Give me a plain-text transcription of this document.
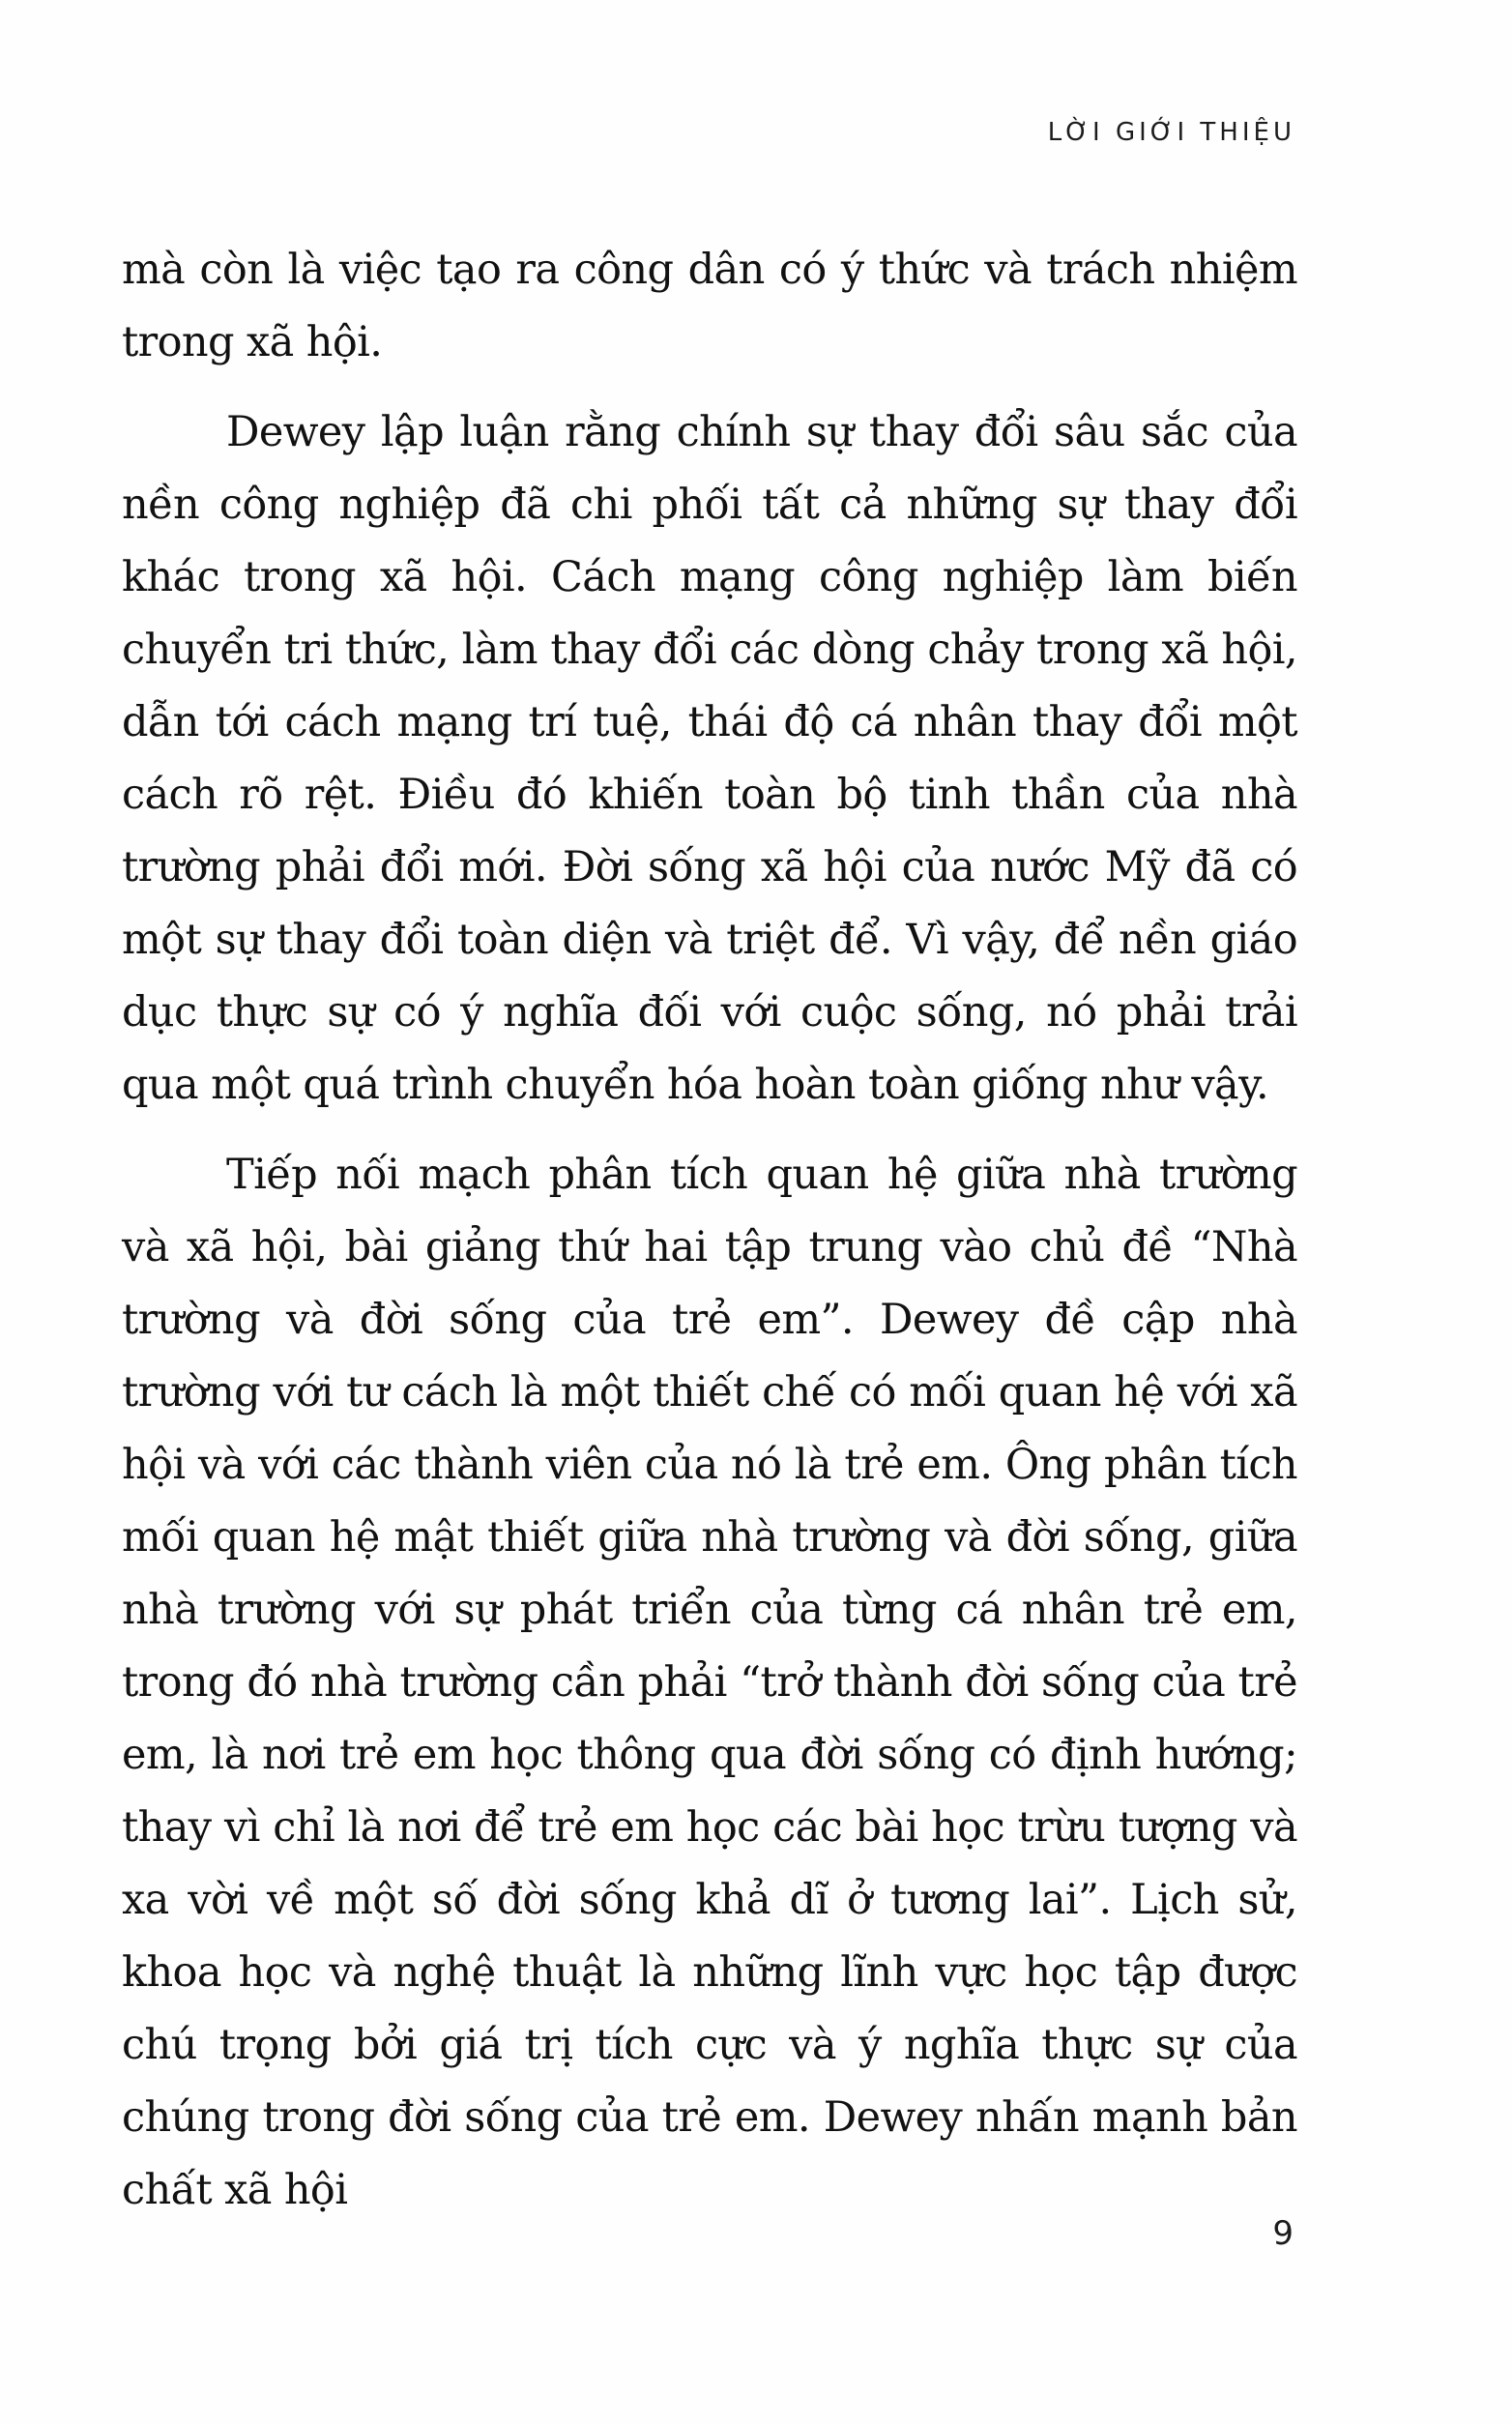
LỜI GIỚI THIỆU

mà còn là việc tạo ra công dân có ý thức và trách nhiệm trong xã hội.

Dewey lập luận rằng chính sự thay đổi sâu sắc của nền công nghiệp đã chi phối tất cả những sự thay đổi khác trong xã hội. Cách mạng công nghiệp làm biến chuyển tri thức, làm thay đổi các dòng chảy trong xã hội, dẫn tới cách mạng trí tuệ, thái độ cá nhân thay đổi một cách rõ rệt. Điều đó khiến toàn bộ tinh thần của nhà trường phải đổi mới. Đời sống xã hội của nước Mỹ đã có một sự thay đổi toàn diện và triệt để. Vì vậy, để nền giáo dục thực sự có ý nghĩa đối với cuộc sống, nó phải trải qua một quá trình chuyển hóa hoàn toàn giống như vậy.

Tiếp nối mạch phân tích quan hệ giữa nhà trường và xã hội, bài giảng thứ hai tập trung vào chủ đề “Nhà trường và đời sống của trẻ em”. Dewey đề cập nhà trường với tư cách là một thiết chế có mối quan hệ với xã hội và với các thành viên của nó là trẻ em. Ông phân tích mối quan hệ mật thiết giữa nhà trường và đời sống, giữa nhà trường với sự phát triển của từng cá nhân trẻ em, trong đó nhà trường cần phải “trở thành đời sống của trẻ em, là nơi trẻ em học thông qua đời sống có định hướng; thay vì chỉ là nơi để trẻ em học các bài học trừu tượng và xa vời về một số đời sống khả dĩ ở tương lai”. Lịch sử, khoa học và nghệ thuật là những lĩnh vực học tập được chú trọng bởi giá trị tích cực và ý nghĩa thực sự của chúng trong đời sống của trẻ em. Dewey nhấn mạnh bản chất xã hội

9
